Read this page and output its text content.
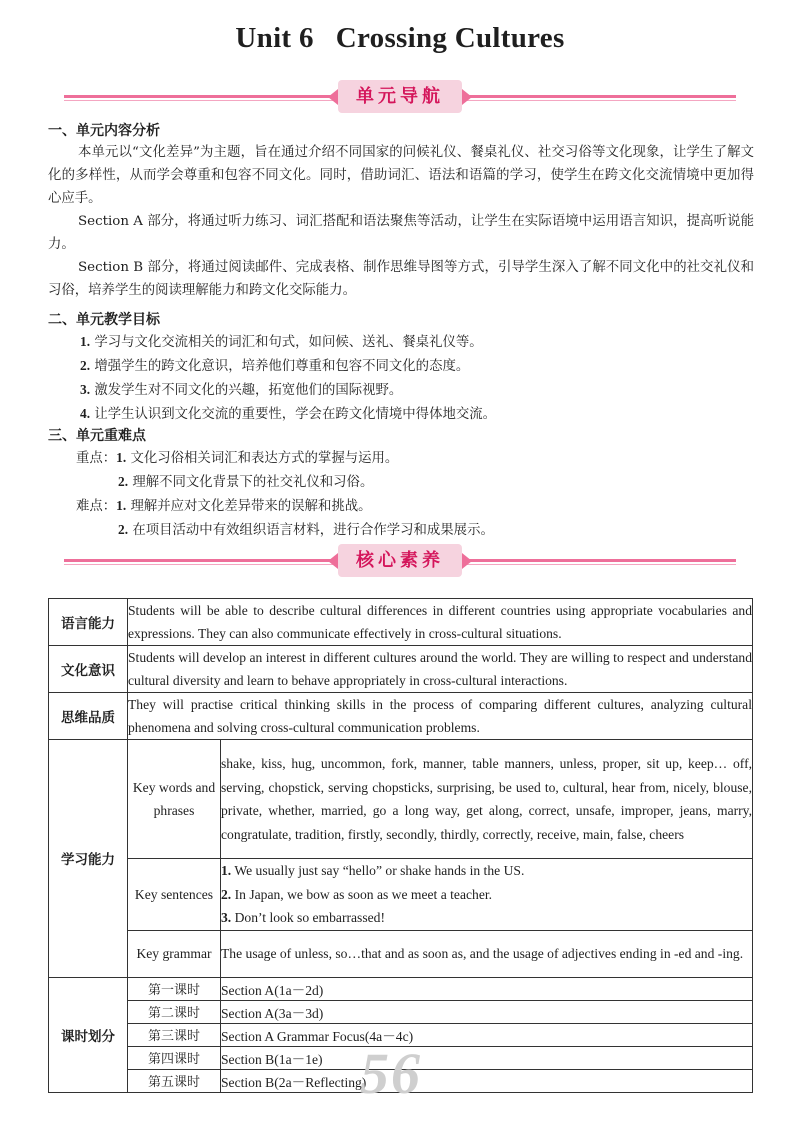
Unit 6 Crossing Cultures
单元导航
一、单元内容分析
本单元以“文化差异”为主题，旨在通过介绍不同国家的问候礼仪、餐桌礼仪、社交习俗等文化现象，让学生了解文化的多样性，从而学会尊重和包容不同文化。同时，借助词汇、语法和语篇的学习，使学生在跨文化交流情境中更加得心应手。
Section A 部分，将通过听力练习、词汇搭配和语法聚焦等活动，让学生在实际语境中运用语言知识，提高听说能力。
Section B 部分，将通过阅读邮件、完成表格、制作思维导图等方式，引导学生深入了解不同文化中的社交礼仪和习俗，培养学生的阅读理解能力和跨文化交际能力。
二、单元教学目标
1. 学习与文化交流相关的词汇和句式，如问候、送礼、餐桌礼仪等。
2. 增强学生的跨文化意识，培养他们尊重和包容不同文化的态度。
3. 激发学生对不同文化的兴趣，拓宽他们的国际视野。
4. 让学生认识到文化交流的重要性，学会在跨文化情境中得体地交流。
三、单元重难点
重点：1. 文化习俗相关词汇和表达方式的掌握与运用。
2. 理解不同文化背景下的社交礼仪和习俗。
难点：1. 理解并应对文化差异带来的误解和挑战。
2. 在项目活动中有效组织语言材料，进行合作学习和成果展示。
核心素养
语言能力	Students will be able to describe cultural differences in different countries using appropriate vocabularies and expressions. They can also communicate effectively in cross-cultural situations.	
文化意识	Students will develop an interest in different cultures around the world. They are willing to respect and understand cultural diversity and learn to behave appropriately in cross-cultural interactions.	
思维品质	They will practise critical thinking skills in the process of comparing different cultures, analyzing cultural phenomena and solving cross-cultural communication problems.	
学习能力	Key words and phrases	shake, kiss, hug, uncommon, fork, manner, table manners, unless, proper, sit up, keep… off, serving, chopstick, serving chopsticks, surprising, be used to, cultural, hear from, nicely, blouse, private, whether, married, go a long way, get along, correct, unsafe, improper, jeans, marry, congratulate, tradition, firstly, secondly, thirdly, correctly, receive, main, false, cheers
	Key sentences	1. We usually just say “hello” or shake hands in the US.
2. In Japan, we bow as soon as we meet a teacher.
3. Don’t look so embarrassed!

	Key grammar	The usage of unless, so…that and as soon as, and the usage of adjectives ending in -ed and -ing.
课时划分	第一课时	Section A(1a－2d)
	第二课时	Section A(3a－3d)
	第三课时	Section A Grammar Focus(4a－4c)
	第四课时	Section B(1a－1e)
	第五课时	Section B(2a－Reflecting)
56
